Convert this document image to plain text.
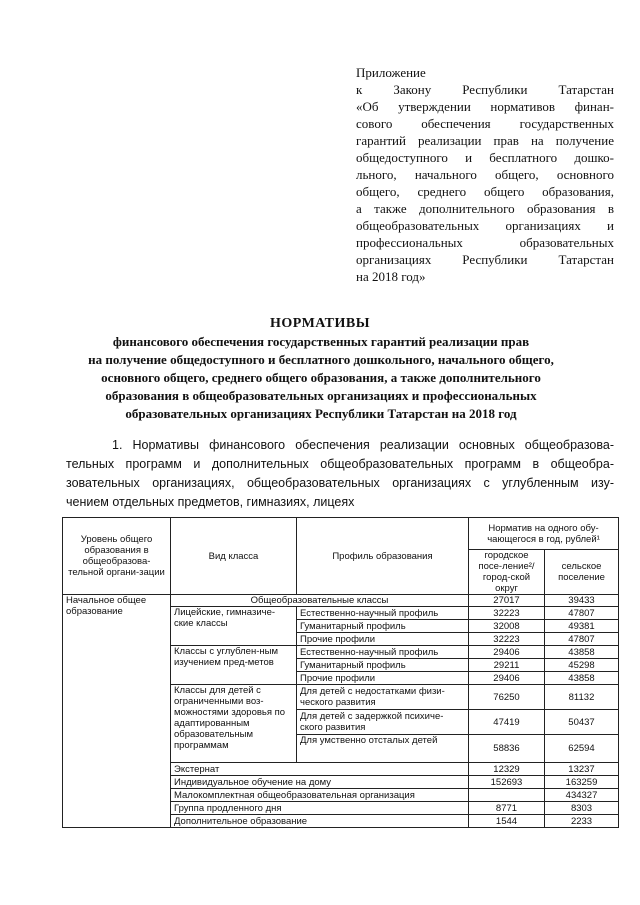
Приложение
к Закону Республики Татарстан
«Об утверждении нормативов финан-
сового обеспечения государственных
гарантий реализации прав на получение
общедоступного и бесплатного дошко-
льного, начального общего, основного
общего, среднего общего образования,
а также дополнительного образования в
общеобразовательных организациях и
профессиональных образовательных
организациях Республики Татарстан
на 2018 год»
НОРМАТИВЫ
финансового обеспечения государственных гарантий реализации прав
на получение общедоступного и бесплатного дошкольного, начального общего,
основного общего, среднего общего образования, а также дополнительного
образования в общеобразовательных организациях и профессиональных
образовательных организациях Республики Татарстан на 2018 год
1. Нормативы финансового обеспечения реализации основных общеобразова-
тельных программ и дополнительных общеобразовательных программ в общеобра-
зовательных организациях, общеобразовательных организациях с углубленным изу-
чением отдельных предметов, гимназиях, лицеях
Уровень общего образования в общеобразова-тельной органи-зации	Вид класса	Профиль образования	Норматив на одного обу-чающегося в год, рублей¹	
			городское посе-ление²/ город-ской округ	сельское поселение
Начальное общее образование	Общеобразовательные классы		27017	39433
	Лицейские, гимназиче-ские классы	Естественно-научный профиль	32223	47807
		Гуманитарный профиль	32008	49381
		Прочие профили	32223	47807
	Классы с углублен-ным изучением пред-метов	Естественно-научный профиль	29406	43858
		Гуманитарный профиль	29211	45298
		Прочие профили	29406	43858
	Классы для детей с ограниченными воз-можностями здоровья по адаптированным образовательным программам	Для детей с недостатками физи-ческого развития	76250	81132
		Для детей с задержкой психиче-ского развития	47419	50437
		Для умственно отсталых детей	58836	62594
	Экстернат		12329	13237
	Индивидуальное обучение на дому		152693	163259
	Малокомплектная общеобразовательная организация			434327
	Группа продленного дня		8771	8303
	Дополнительное образование		1544	2233
